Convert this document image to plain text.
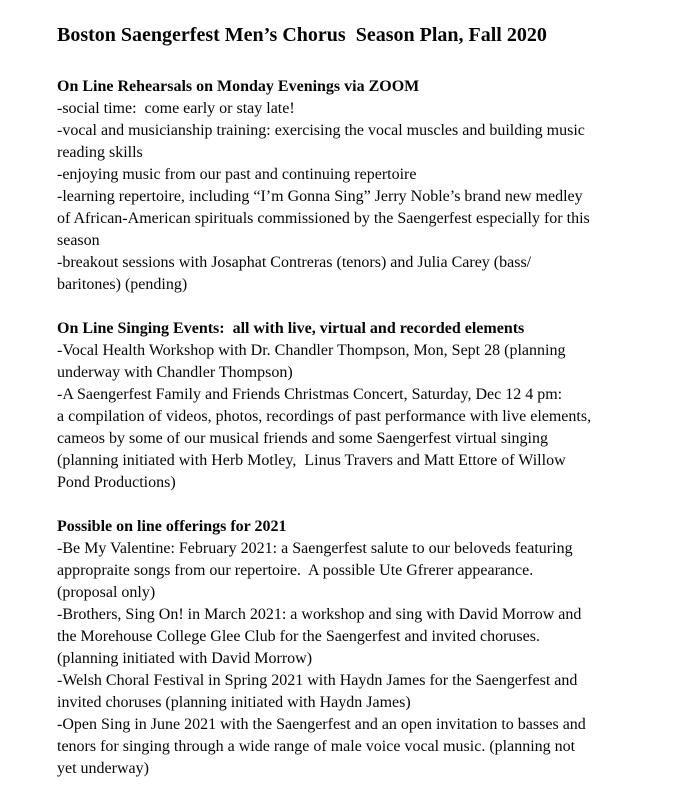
Boston Saengerfest Men’s Chorus  Season Plan, Fall 2020
On Line Rehearsals on Monday Evenings via ZOOM
-social time:  come early or stay late!
-vocal and musicianship training: exercising the vocal muscles and building music
reading skills
-enjoying music from our past and continuing repertoire
-learning repertoire, including “I’m Gonna Sing” Jerry Noble’s brand new medley
of African-American spirituals commissioned by the Saengerfest especially for this
season
-breakout sessions with Josaphat Contreras (tenors) and Julia Carey (bass/
baritones) (pending)
On Line Singing Events:  all with live, virtual and recorded elements
-Vocal Health Workshop with Dr. Chandler Thompson, Mon, Sept 28 (planning
underway with Chandler Thompson)
-A Saengerfest Family and Friends Christmas Concert, Saturday, Dec 12 4 pm:
a compilation of videos, photos, recordings of past performance with live elements,
cameos by some of our musical friends and some Saengerfest virtual singing
(planning initiated with Herb Motley,  Linus Travers and Matt Ettore of Willow
Pond Productions)
Possible on line offerings for 2021
-Be My Valentine: February 2021: a Saengerfest salute to our beloveds featuring
appropraite songs from our repertoire.  A possible Ute Gfrerer appearance.
(proposal only)
-Brothers, Sing On! in March 2021: a workshop and sing with David Morrow and
the Morehouse College Glee Club for the Saengerfest and invited choruses.
(planning initiated with David Morrow)
-Welsh Choral Festival in Spring 2021 with Haydn James for the Saengerfest and
invited choruses (planning initiated with Haydn James)
-Open Sing in June 2021 with the Saengerfest and an open invitation to basses and
tenors for singing through a wide range of male voice vocal music. (planning not
yet underway)
